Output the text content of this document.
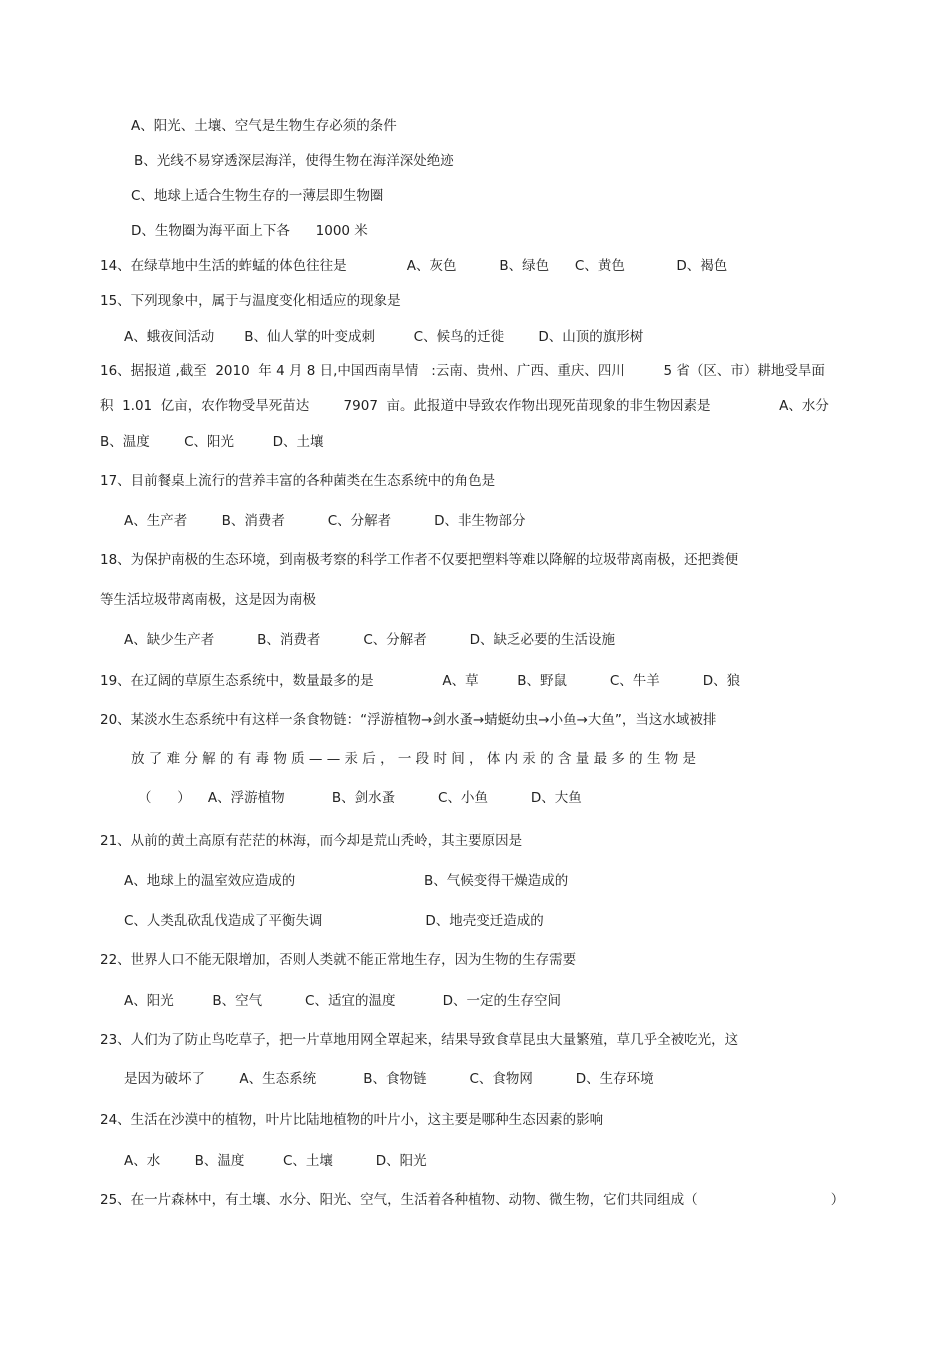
A、阳光、土壤、空气是生物生存必须的条件

B、光线不易穿透深层海洋，使得生物在海洋深处绝迹

C、地球上适合生物生存的一薄层即生物圈

D、生物圈为海平面上下各      1000 米

14、在绿草地中生活的蚱蜢的体色往往是              A、灰色          B、绿色      C、黄色            D、褐色

15、下列现象中，属于与温度变化相适应的现象是

A、蛾夜间活动       B、仙人掌的叶变成刺         C、候鸟的迁徙        D、山顶的旗形树

16、据报道 ,截至  2010  年 4 月 8 日,中国西南旱情   :云南、贵州、广西、重庆、四川         5 省（区、市）耕地受旱面

积  1.01  亿亩，农作物受旱死苗达        7907  亩。此报道中导致农作物出现死苗现象的非生物因素是                A、水分

B、温度        C、阳光         D、土壤

17、目前餐桌上流行的营养丰富的各种菌类在生态系统中的角色是

A、生产者        B、消费者          C、分解者          D、非生物部分

18、为保护南极的生态环境，到南极考察的科学工作者不仅要把塑料等难以降解的垃圾带离南极，还把粪便

等生活垃圾带离南极，这是因为南极

A、缺少生产者          B、消费者          C、分解者          D、缺乏必要的生活设施

19、在辽阔的草原生态系统中，数量最多的是                A、草         B、野鼠          C、牛羊          D、狼

20、某淡水生态系统中有这样一条食物链：“浮游植物→剑水蚤→蜻蜓幼虫→小鱼→大鱼”，当这水域被排

放 了 难 分 解 的 有 毒 物 质 — — 汞 后 ， 一 段 时 间 ， 体 内 汞 的 含 量 最 多 的 生 物 是

（      ）    A、浮游植物           B、剑水蚤          C、小鱼          D、大鱼

21、从前的黄土高原有茫茫的林海，而今却是荒山秃岭，其主要原因是

A、地球上的温室效应造成的                              B、气候变得干燥造成的

C、人类乱砍乱伐造成了平衡失调                        D、地壳变迁造成的

22、世界人口不能无限增加，否则人类就不能正常地生存，因为生物的生存需要

A、阳光         B、空气          C、适宜的温度           D、一定的生存空间

23、人们为了防止鸟吃草子，把一片草地用网全罩起来，结果导致食草昆虫大量繁殖，草几乎全被吃光，这

是因为破坏了        A、生态系统           B、食物链          C、食物网          D、生存环境

24、生活在沙漠中的植物，叶片比陆地植物的叶片小，这主要是哪种生态因素的影响

A、水        B、温度         C、土壤          D、阳光

25、在一片森林中，有土壤、水分、阳光、空气，生活着各种植物、动物、微生物，它们共同组成（                               ）
